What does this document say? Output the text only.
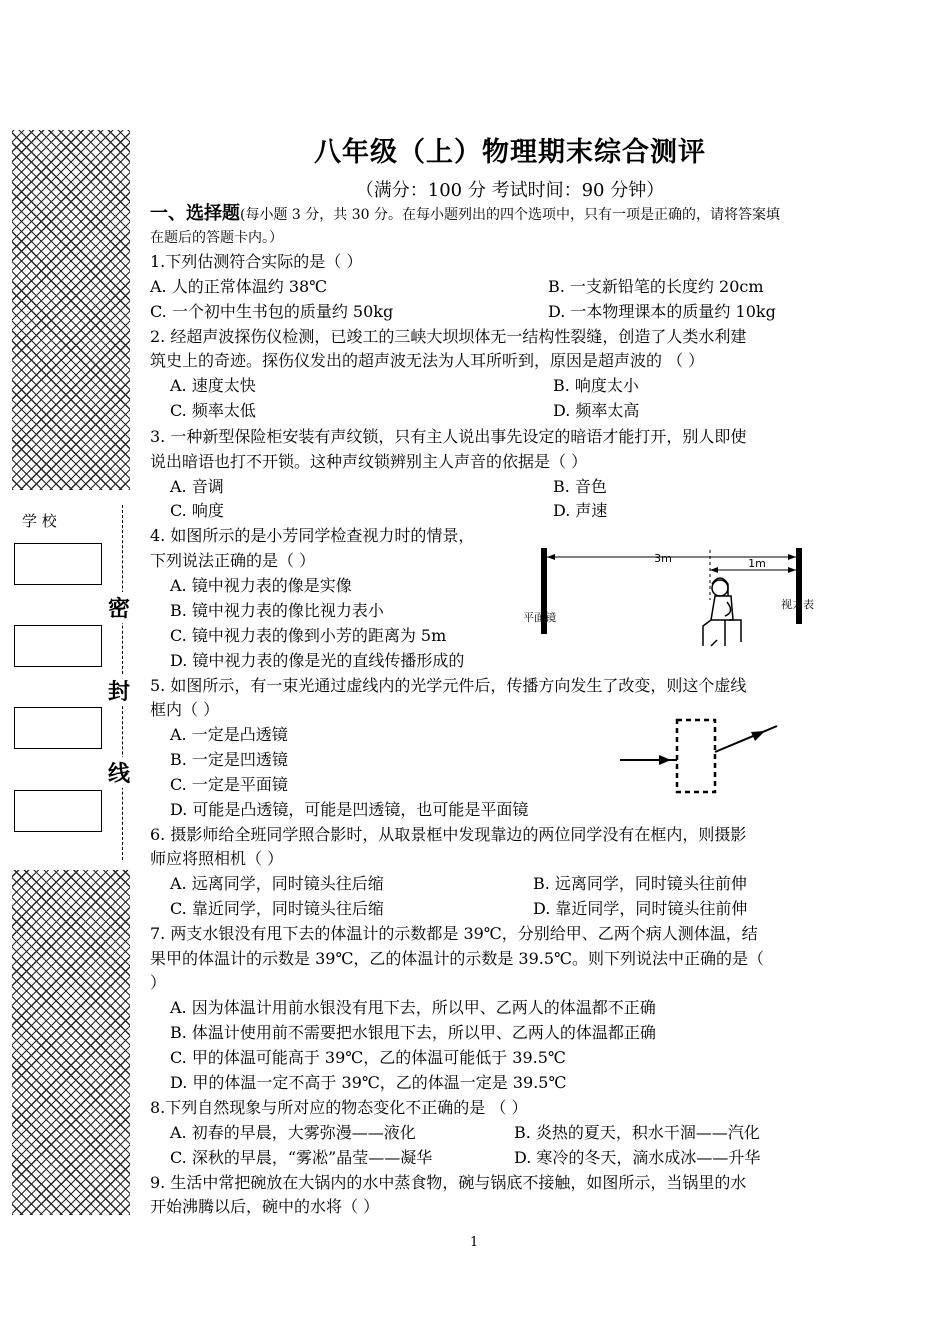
学 校
密
封
线
八年级（上）物理期末综合测评
（满分：100 分 考试时间：90 分钟）
一、选择题(每小题 3 分，共 30 分。在每小题列出的四个选项中，只有一项是正确的，请将答案填
在题后的答题卡内。）
1.下列估测符合实际的是（ ）
A. 人的正常体温约 38℃	B. 一支新铅笔的长度约 20cm
C. 一个初中生书包的质量约 50kg	D. 一本物理课本的质量约 10kg
2. 经超声波探伤仪检测，已竣工的三峡大坝坝体无一结构性裂缝，创造了人类水利建
筑史上的奇迹。探伤仪发出的超声波无法为人耳所听到，原因是超声波的 （ ）
A. 速度太快	B. 响度太小
C. 频率太低	D. 频率太高
3. 一种新型保险柜安装有声纹锁，只有主人说出事先设定的暗语才能打开，别人即使
说出暗语也打不开锁。这种声纹锁辨别主人声音的依据是（ ）
A. 音调	B. 音色
C. 响度	D. 声速
4. 如图所示的是小芳同学检查视力时的情景，
下列说法正确的是（ ）
A. 镜中视力表的像是实像
B. 镜中视力表的像比视力表小
C. 镜中视力表的像到小芳的距离为 5m
D. 镜中视力表的像是光的直线传播形成的
3m	1m
平面镜
视力表
5. 如图所示，有一束光通过虚线内的光学元件后，传播方向发生了改变，则这个虚线
框内（ ）
A. 一定是凸透镜
B. 一定是凹透镜
C. 一定是平面镜
D. 可能是凸透镜，可能是凹透镜，也可能是平面镜
6. 摄影师给全班同学照合影时，从取景框中发现靠边的两位同学没有在框内，则摄影
师应将照相机（ ）
A. 远离同学，同时镜头往后缩	B. 远离同学，同时镜头往前伸
C. 靠近同学，同时镜头往后缩	D. 靠近同学，同时镜头往前伸
7. 两支水银没有甩下去的体温计的示数都是 39℃，分别给甲、乙两个病人测体温，结
果甲的体温计的示数是 39℃，乙的体温计的示数是 39.5℃。则下列说法中正确的是（
）
A. 因为体温计用前水银没有甩下去，所以甲、乙两人的体温都不正确
B. 体温计使用前不需要把水银甩下去，所以甲、乙两人的体温都正确
C. 甲的体温可能高于 39℃，乙的体温可能低于 39.5℃
D. 甲的体温一定不高于 39℃，乙的体温一定是 39.5℃
8.下列自然现象与所对应的物态变化不正确的是 （ ）
A. 初春的早晨，大雾弥漫——液化	B. 炎热的夏天，积水干涸——汽化
C. 深秋的早晨，“雾凇”晶莹——凝华	D. 寒冷的冬天，滴水成冰——升华
9. 生活中常把碗放在大锅内的水中蒸食物，碗与锅底不接触，如图所示，当锅里的水
开始沸腾以后，碗中的水将（ ）
1
